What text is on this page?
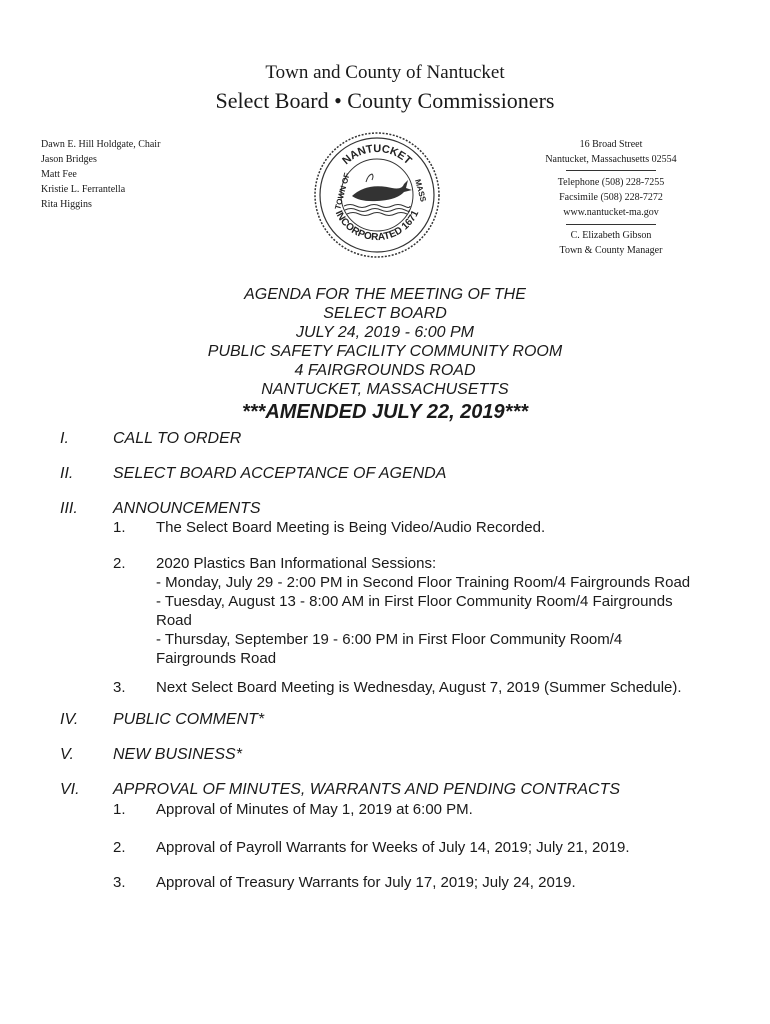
Town and County of Nantucket
Select Board • County Commissioners
Dawn E. Hill Holdgate, Chair
Jason Bridges
Matt Fee
Kristie L. Ferrantella
Rita Higgins
NANTUCKET
INCORPORATED 1671
TOWN OF	MASS
16 Broad Street
Nantucket, Massachusetts 02554
Telephone (508) 228-7255
Facsimile (508) 228-7272
www.nantucket-ma.gov
C. Elizabeth Gibson
Town & County Manager
AGENDA FOR THE MEETING OF THE
SELECT BOARD
JULY 24, 2019 - 6:00 PM
PUBLIC SAFETY FACILITY COMMUNITY ROOM
4 FAIRGROUNDS ROAD
NANTUCKET, MASSACHUSETTS
***AMENDED JULY 22, 2019***
I.	CALL TO ORDER
II. SELECT BOARD ACCEPTANCE OF AGENDA
III. ANNOUNCEMENTS
1. The Select Board Meeting is Being Video/Audio Recorded.
2. 2020 Plastics Ban Informational Sessions:
- Monday, July 29 - 2:00 PM in Second Floor Training Room/4 Fairgrounds Road
- Tuesday, August 13 - 8:00 AM in First Floor Community Room/4 Fairgrounds
Road
- Thursday, September 19 - 6:00 PM in First Floor Community Room/4
Fairgrounds Road
3. Next Select Board Meeting is Wednesday, August 7, 2019 (Summer Schedule).
IV. PUBLIC COMMENT*
V. NEW BUSINESS*
VI. APPROVAL OF MINUTES, WARRANTS AND PENDING CONTRACTS
1. Approval of Minutes of May 1, 2019 at 6:00 PM.
2. Approval of Payroll Warrants for Weeks of July 14, 2019; July 21, 2019.
3. Approval of Treasury Warrants for July 17, 2019; July 24, 2019.
